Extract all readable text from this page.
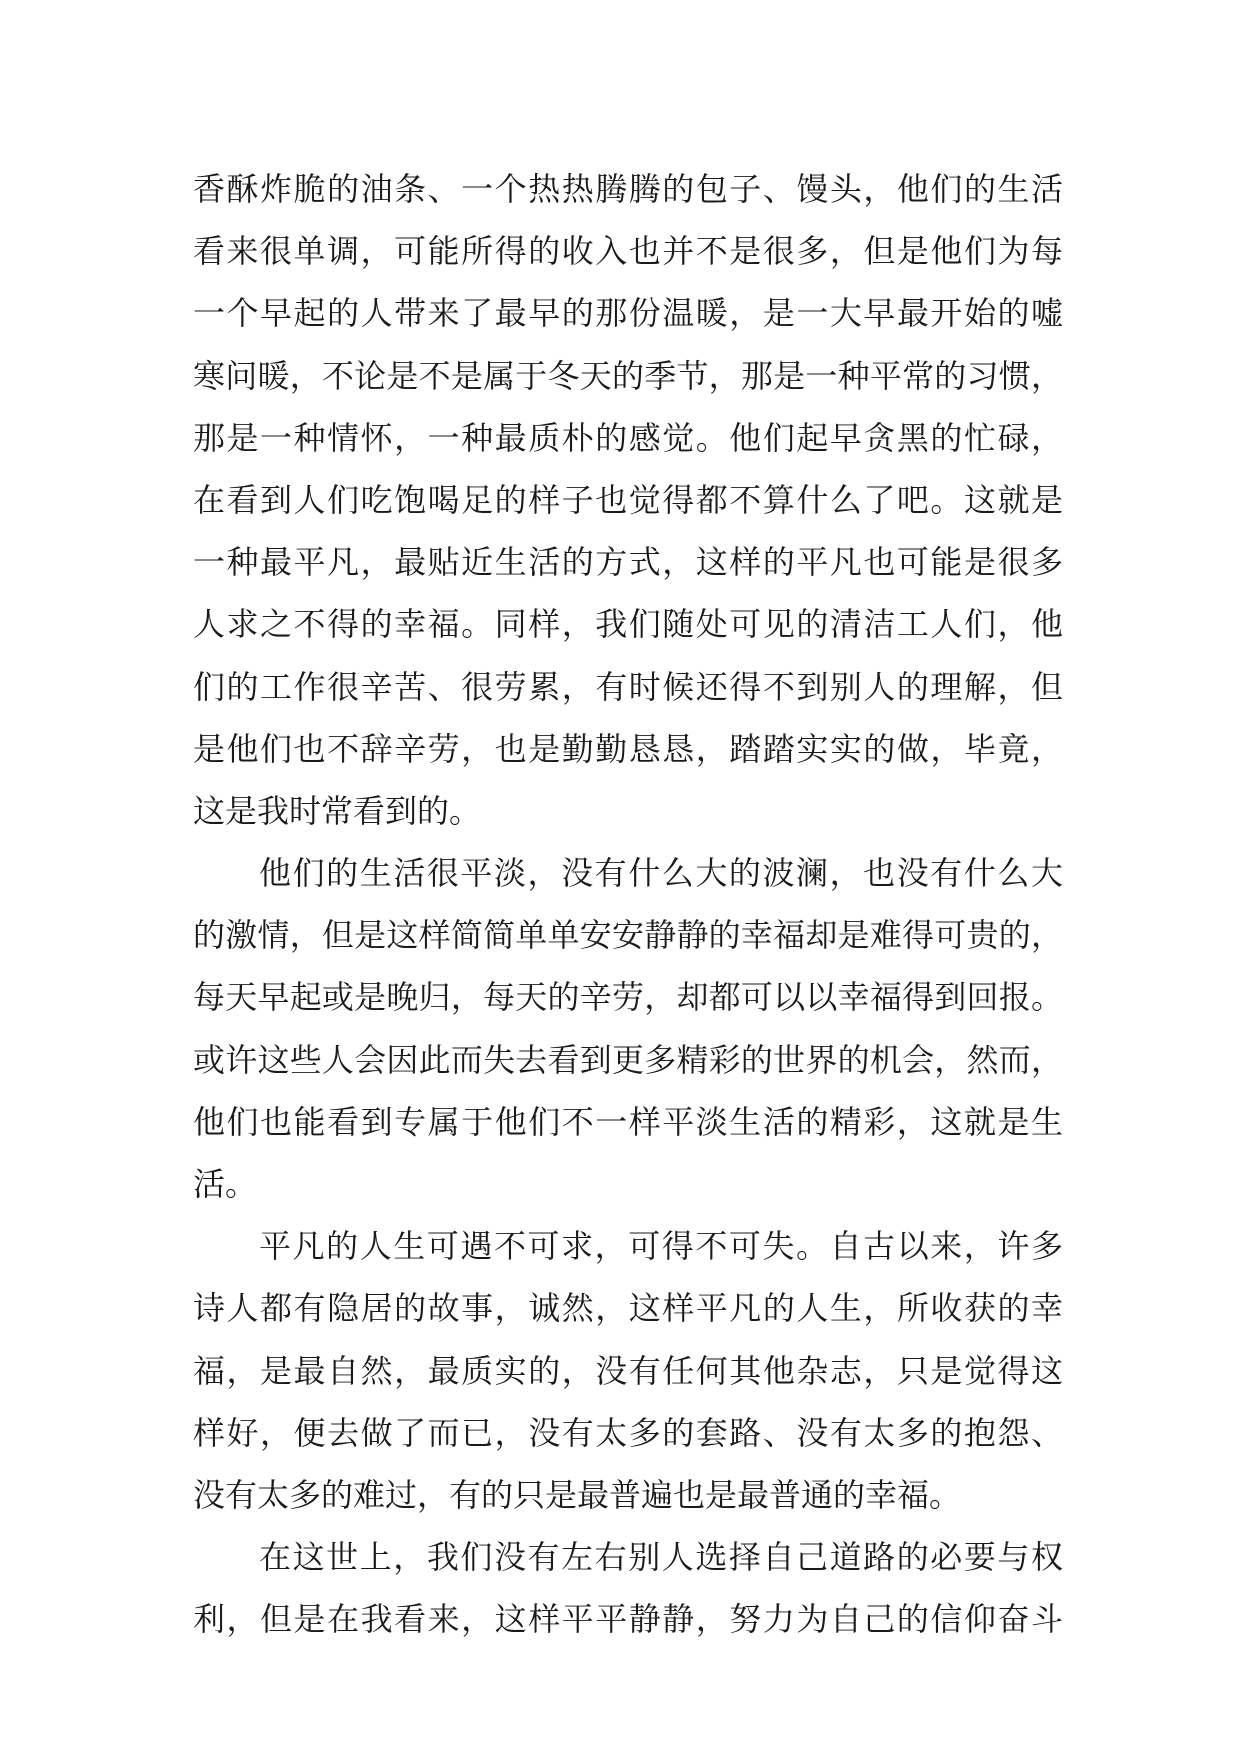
香酥炸脆的油条、一个热热腾腾的包子、馒头，他们的生活
看来很单调，可能所得的收入也并不是很多，但是他们为每
一个早起的人带来了最早的那份温暖，是一大早最开始的嘘
寒问暖，不论是不是属于冬天的季节，那是一种平常的习惯，
那是一种情怀，一种最质朴的感觉。他们起早贪黑的忙碌，
在看到人们吃饱喝足的样子也觉得都不算什么了吧。这就是
一种最平凡，最贴近生活的方式，这样的平凡也可能是很多
人求之不得的幸福。同样，我们随处可见的清洁工人们，他
们的工作很辛苦、很劳累，有时候还得不到别人的理解，但
是他们也不辞辛劳，也是勤勤恳恳，踏踏实实的做，毕竟，
这是我时常看到的。
他们的生活很平淡，没有什么大的波澜，也没有什么大
的激情，但是这样简简单单安安静静的幸福却是难得可贵的，
每天早起或是晚归，每天的辛劳，却都可以以幸福得到回报。
或许这些人会因此而失去看到更多精彩的世界的机会，然而，
他们也能看到专属于他们不一样平淡生活的精彩，这就是生
活。
平凡的人生可遇不可求，可得不可失。自古以来，许多
诗人都有隐居的故事，诚然，这样平凡的人生，所收获的幸
福，是最自然，最质实的，没有任何其他杂志，只是觉得这
样好，便去做了而已，没有太多的套路、没有太多的抱怨、
没有太多的难过，有的只是最普遍也是最普通的幸福。
在这世上，我们没有左右别人选择自己道路的必要与权
利，但是在我看来，这样平平静静，努力为自己的信仰奋斗
